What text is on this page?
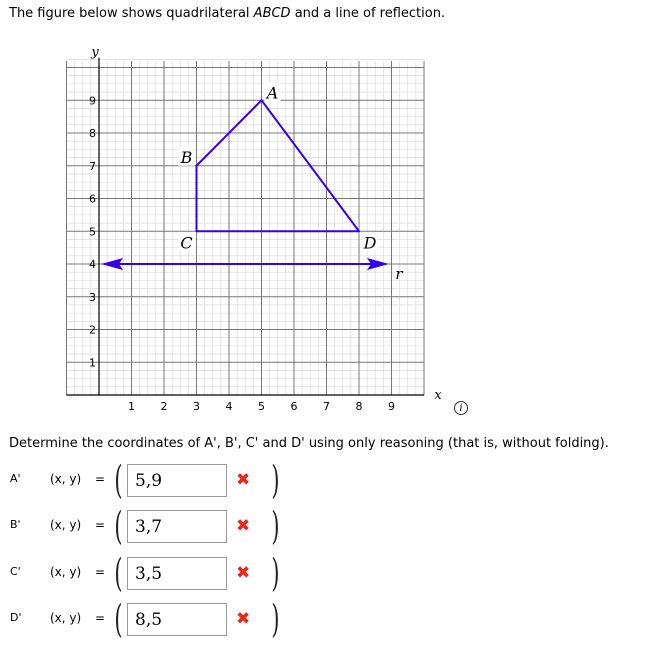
The figure below shows quadrilateral ABCD and a line of reflection.
y
x
1 2 3 4 5 6 7 8 9
1
2
3
4
5
6
7
8
9
r
A
B
C	D
i
Determine the coordinates of A', B', C' and D' using only reasoning (that is, without folding).
A' (x, y) = ( 5,9	✖ )
B' (x, y) = ( 3,7	✖ )
C' (x, y) = ( 3,5	✖ )
D' (x, y) = ( 8,5	✖ )
